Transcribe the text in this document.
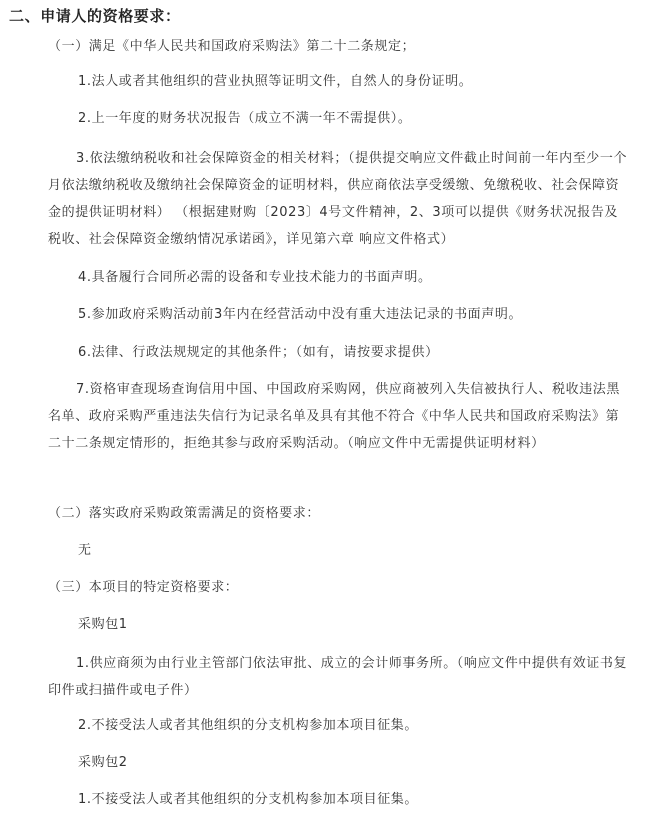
二、申请人的资格要求：

（一）满足《中华人民共和国政府采购法》第二十二条规定；

1.法人或者其他组织的营业执照等证明文件，自然人的身份证明。

2.上一年度的财务状况报告（成立不满一年不需提供）。

3.依法缴纳税收和社会保障资金的相关材料；（提供提交响应文件截止时间前一年内至少一个月依法缴纳税收及缴纳社会保障资金的证明材料，供应商依法享受缓缴、免缴税收、社会保障资金的提供证明材料） （根据建财购〔2023〕4号文件精神，2、3项可以提供《财务状况报告及税收、社会保障资金缴纳情况承诺函》，详见第六章 响应文件格式）

4.具备履行合同所必需的设备和专业技术能力的书面声明。

5.参加政府采购活动前3年内在经营活动中没有重大违法记录的书面声明。

6.法律、行政法规规定的其他条件；（如有，请按要求提供）

7.资格审查现场查询信用中国、中国政府采购网，供应商被列入失信被执行人、税收违法黑名单、政府采购严重违法失信行为记录名单及具有其他不符合《中华人民共和国政府采购法》第二十二条规定情形的，拒绝其参与政府采购活动。（响应文件中无需提供证明材料）

（二）落实政府采购政策需满足的资格要求：

无

（三）本项目的特定资格要求：

采购包1

1.供应商须为由行业主管部门依法审批、成立的会计师事务所。（响应文件中提供有效证书复印件或扫描件或电子件）

2.不接受法人或者其他组织的分支机构参加本项目征集。

采购包2

1.不接受法人或者其他组织的分支机构参加本项目征集。
